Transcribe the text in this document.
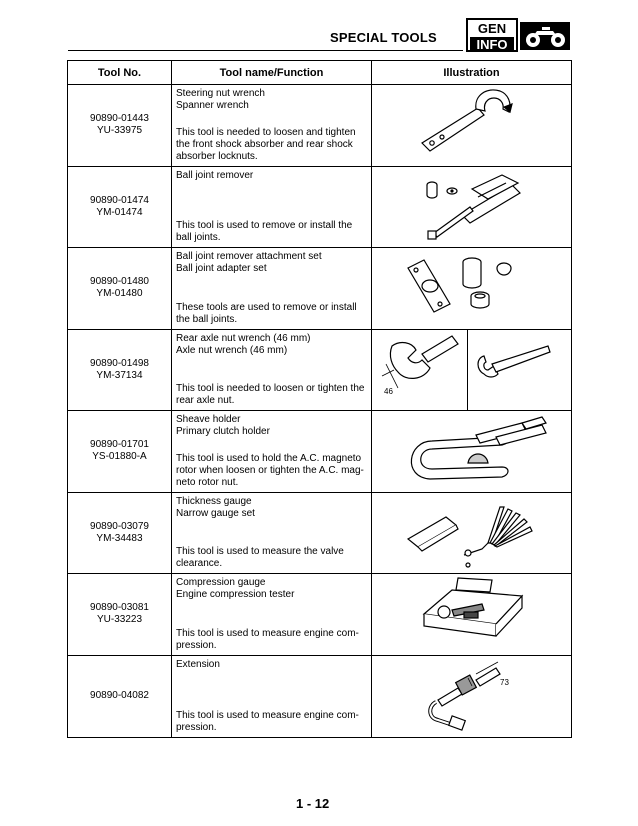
SPECIAL TOOLS
GEN
INFO
Tool No.	Tool name/Function	Illustration
90890-01443
YU-33975
Steering nut wrench
Spanner wrench
This tool is needed to loosen and tighten the front shock absorber and rear shock absorber locknuts.
90890-01474
YM-01474
Ball joint remover
This tool is used to remove or install the ball joints.
90890-01480
YM-01480
Ball joint remover attachment set
Ball joint adapter set
These tools are used to remove or install the ball joints.
90890-01498
YM-37134
Rear axle nut wrench (46 mm)
Axle nut wrench (46 mm)
This tool is needed to loosen or tighten the rear axle nut.
46
90890-01701
YS-01880-A
Sheave holder
Primary clutch holder
This tool is used to hold the A.C. magneto rotor when loosen or tighten the A.C. mag-neto rotor nut.
90890-03079
YM-34483
Thickness gauge
Narrow gauge set
This tool is used to measure the valve clearance.
90890-03081
YU-33223
Compression gauge
Engine compression tester
This tool is used to measure engine com-pression.
90890-04082
Extension
This tool is used to measure engine com-pression.
73
1 - 12
